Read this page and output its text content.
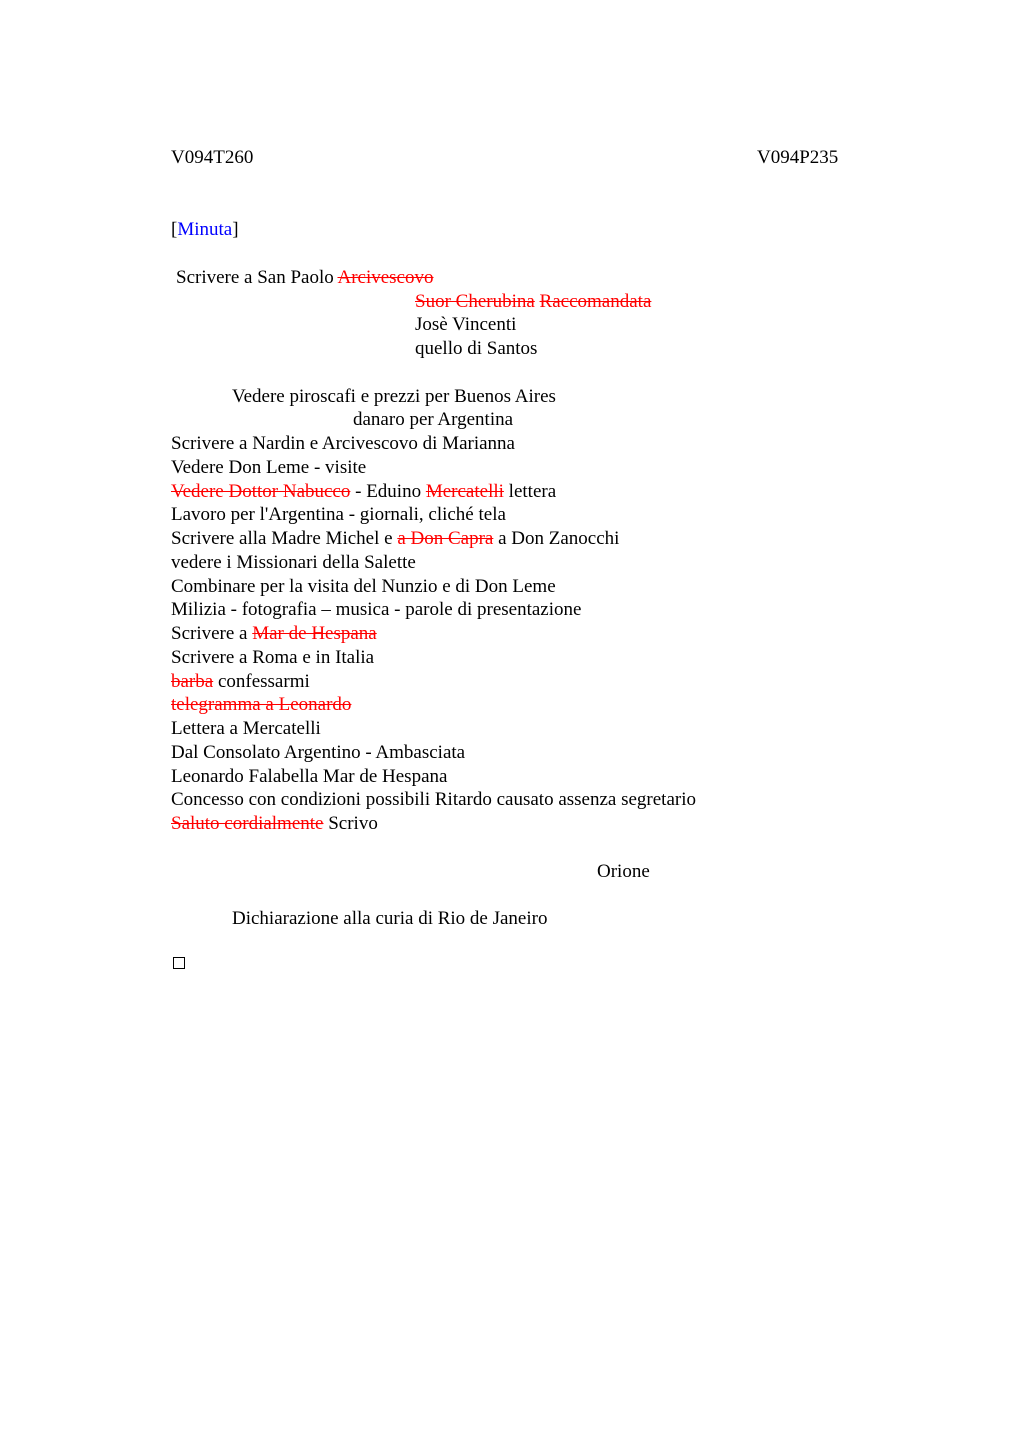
V094T260	V094P235
[Minuta]
Scrivere a San Paolo Arcivescovo
Suor Cherubina Raccomandata
Josè Vincenti
quello di Santos
Vedere piroscafi e prezzi per Buenos Aires
danaro per Argentina
Scrivere a Nardin e Arcivescovo di Marianna
Vedere Don Leme - visite
Vedere Dottor Nabucco - Eduino Mercatelli lettera
Lavoro per l'Argentina - giornali, cliché tela
Scrivere alla Madre Michel e a Don Capra a Don Zanocchi
vedere i Missionari della Salette
Combinare per la visita del Nunzio e di Don Leme
Milizia - fotografia – musica - parole di presentazione
Scrivere a Mar de Hespana
Scrivere a Roma e in Italia
barba confessarmi
telegramma a Leonardo
Lettera a Mercatelli
Dal Consolato Argentino - Ambasciata
Leonardo Falabella Mar de Hespana
Concesso con condizioni possibili Ritardo causato assenza segretario
Saluto cordialmente Scrivo
Orione
Dichiarazione alla curia di Rio de Janeiro
